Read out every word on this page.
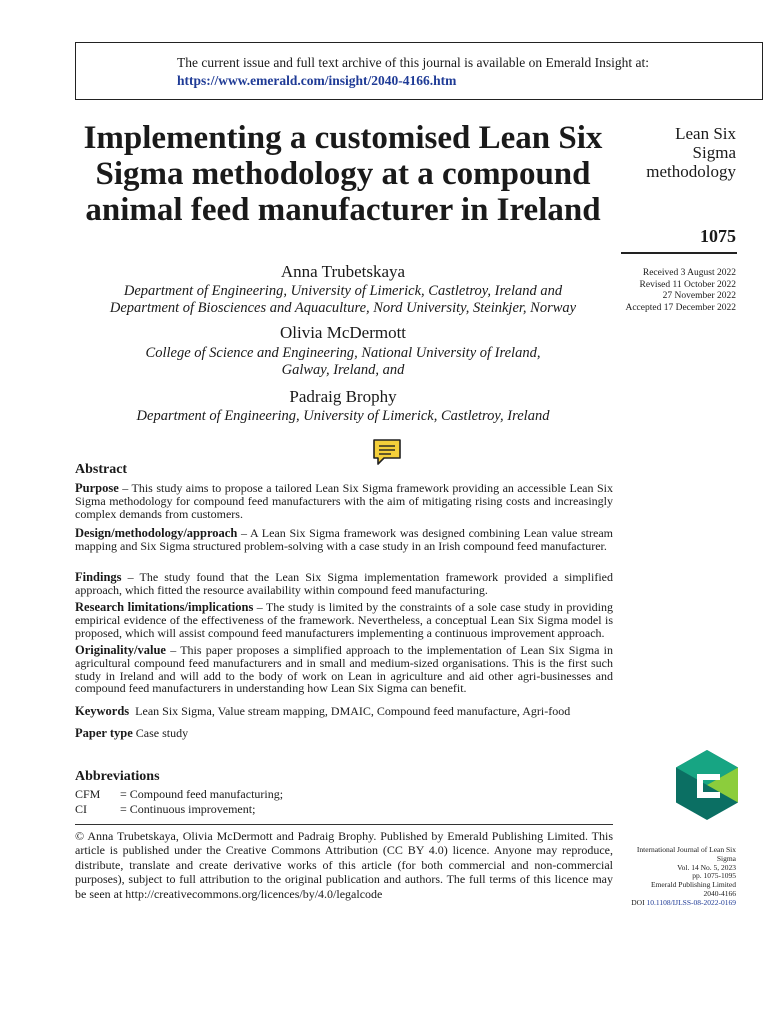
The current issue and full text archive of this journal is available on Emerald Insight at:
https://www.emerald.com/insight/2040-4166.htm
Implementing a customised Lean Six Sigma methodology at a compound animal feed manufacturer in Ireland
Lean Six
Sigma
methodology
1075
Received 3 August 2022
Revised 11 October 2022
27 November 2022
Accepted 17 December 2022
Anna Trubetskaya
Department of Engineering, University of Limerick, Castletroy, Ireland and
Department of Biosciences and Aquaculture, Nord University, Steinkjer, Norway
Olivia McDermott
College of Science and Engineering, National University of Ireland,
Galway, Ireland, and
Padraig Brophy
Department of Engineering, University of Limerick, Castletroy, Ireland
Abstract

Purpose – This study aims to propose a tailored Lean Six Sigma framework providing an accessible Lean Six Sigma methodology for compound feed manufacturers with the aim of mitigating rising costs and increasingly complex demands from customers.

Design/methodology/approach – A Lean Six Sigma framework was designed combining Lean value stream mapping and Six Sigma structured problem-solving with a case study in an Irish compound feed manufacturer.

Findings – The study found that the Lean Six Sigma implementation framework provided a simplified approach, which fitted the resource availability within compound feed manufacturing.

Research limitations/implications – The study is limited by the constraints of a sole case study in providing empirical evidence of the effectiveness of the framework. Nevertheless, a conceptual Lean Six Sigma model is proposed, which will assist compound feed manufacturers implementing a continuous improvement approach.

Originality/value – This paper proposes a simplified approach to the implementation of Lean Six Sigma in agricultural compound feed manufacturers and in small and medium-sized organisations. This is the first such study in Ireland and will add to the body of work on Lean in agriculture and aid other agri-businesses and compound feed manufacturers in understanding how Lean Six Sigma can benefit.

Keywords Lean Six Sigma, Value stream mapping, DMAIC, Compound feed manufacture, Agri-food

Paper type Case study

Abbreviations
CFM = Compound feed manufacturing;
CI	= Continuous improvement;

© Anna Trubetskaya, Olivia McDermott and Padraig Brophy. Published by Emerald Publishing Limited. This article is published under the Creative Commons Attribution (CC BY 4.0) licence. Anyone may reproduce, distribute, translate and create derivative works of this article (for both commercial and non-commercial purposes), subject to full attribution to the original publication and authors. The full terms of this licence may be seen at http://creativecommons.org/licences/by/4.0/legalcode

International Journal of Lean Six
Sigma
Vol. 14 No. 5, 2023
pp. 1075-1095
Emerald Publishing Limited
2040-4166
DOI 10.1108/IJLSS-08-2022-0169
